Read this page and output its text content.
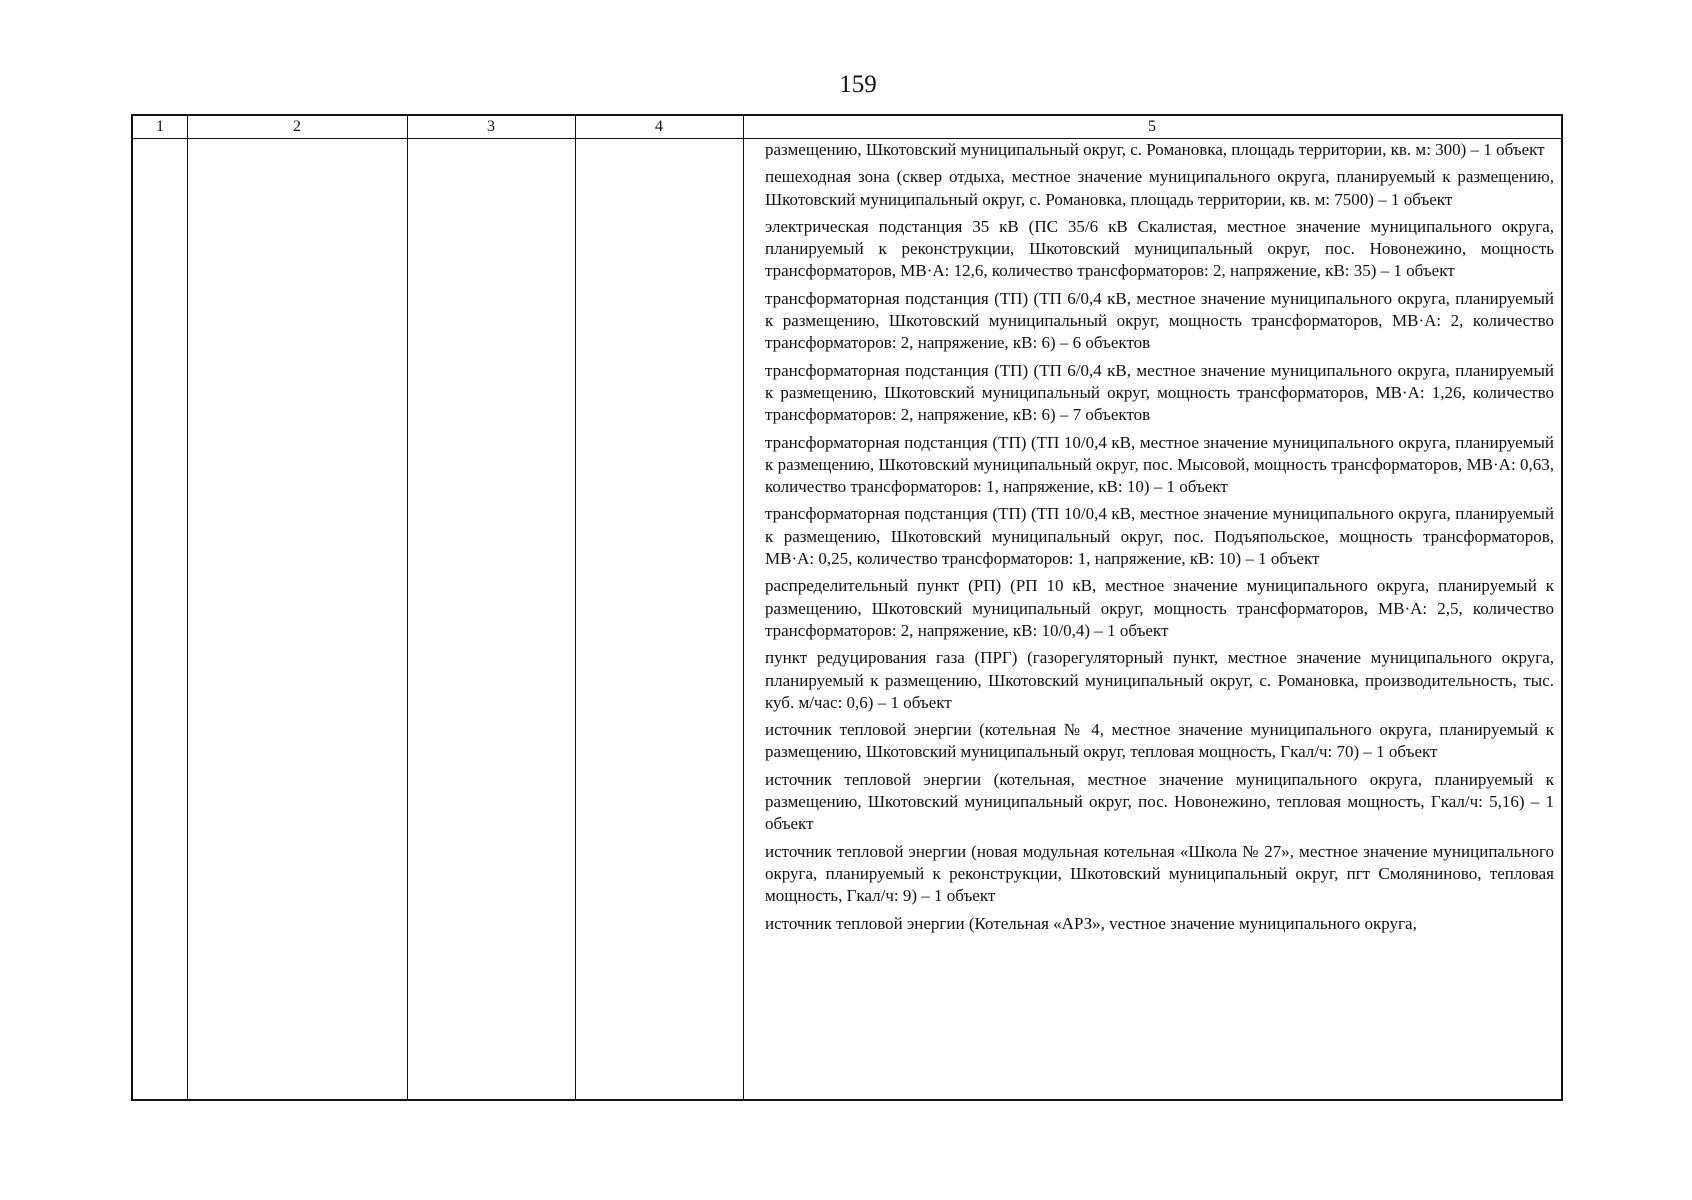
159
1	2	3	4	5

размещению, Шкотовский муниципальный округ, с. Романовка, площадь территории, кв. м: 300) – 1 объект

пешеходная зона (сквер отдыха, местное значение муниципального округа, планируемый к размещению, Шкотовский муниципальный округ, с. Романовка, площадь территории, кв. м: 7500) – 1 объект

электрическая подстанция 35 кВ (ПС 35/6 кВ Скалистая, местное значение муниципального округа, планируемый к реконструкции, Шкотовский муниципальный округ, пос. Новонежино, мощность трансформаторов, МВ·А: 12,6, количество трансформаторов: 2, напряжение, кВ: 35) – 1 объект

трансформаторная подстанция (ТП) (ТП 6/0,4 кВ, местное значение муниципального округа, планируемый к размещению, Шкотовский муниципальный округ, мощность трансформаторов, МВ·А: 2, количество трансформаторов: 2, напряжение, кВ: 6) – 6 объектов

трансформаторная подстанция (ТП) (ТП 6/0,4 кВ, местное значение муниципального округа, планируемый к размещению, Шкотовский муниципальный округ, мощность трансформаторов, МВ·А: 1,26, количество трансформаторов: 2, напряжение, кВ: 6) – 7 объектов

трансформаторная подстанция (ТП) (ТП 10/0,4 кВ, местное значение муниципального округа, планируемый к размещению, Шкотовский муниципальный округ, пос. Мысовой, мощность трансформаторов, МВ·А: 0,63, количество трансформаторов: 1, напряжение, кВ: 10) – 1 объект

трансформаторная подстанция (ТП) (ТП 10/0,4 кВ, местное значение муниципального округа, планируемый к размещению, Шкотовский муниципальный округ, пос. Подъяпольское, мощность трансформаторов, МВ·А: 0,25, количество трансформаторов: 1, напряжение, кВ: 10) – 1 объект

распределительный пункт (РП) (РП 10 кВ, местное значение муниципального округа, планируемый к размещению, Шкотовский муниципальный округ, мощность трансформаторов, МВ·А: 2,5, количество трансформаторов: 2, напряжение, кВ: 10/0,4) – 1 объект

пункт редуцирования газа (ПРГ) (газорегуляторный пункт, местное значение муниципального округа, планируемый к размещению, Шкотовский муниципальный округ, с. Романовка, производительность, тыс. куб. м/час: 0,6) – 1 объект

источник тепловой энергии (котельная № 4, местное значение муниципального округа, планируемый к размещению, Шкотовский муниципальный округ, тепловая мощность, Гкал/ч: 70) – 1 объект

источник тепловой энергии (котельная, местное значение муниципального округа, планируемый к размещению, Шкотовский муниципальный округ, пос. Новонежино, тепловая мощность, Гкал/ч: 5,16) – 1 объект

источник тепловой энергии (новая модульная котельная «Школа № 27», местное значение муниципального округа, планируемый к реконструкции, Шкотовский муниципальный округ, пгт Смоляниново, тепловая мощность, Гкал/ч: 9) – 1 объект

источник тепловой энергии (Котельная «АРЗ», vестное значение муниципального округа,
